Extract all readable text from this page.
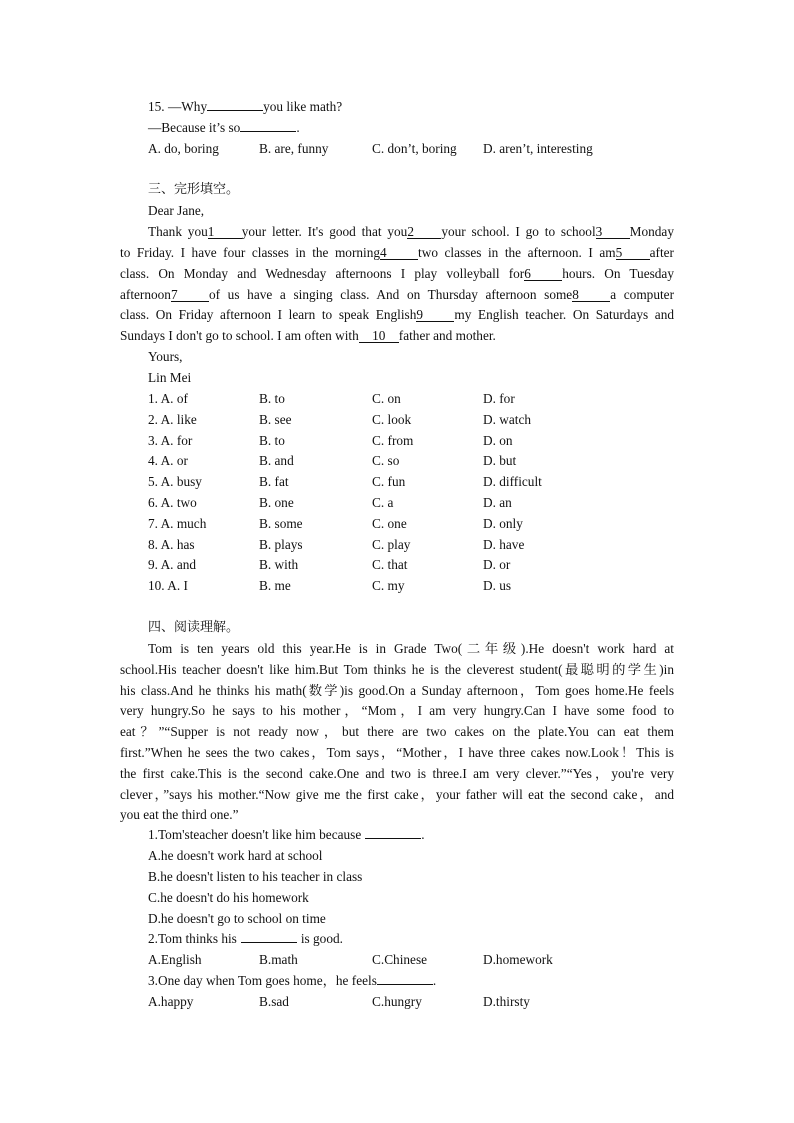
15. —Why	you like math?
—Because it’s so	.
A. do, boring	B. are, funny	C. don’t, boring D. aren’t, interesting
三、完形填空。
Dear Jane,
Thank you1 your letter. It's good that you2 your school. I go to school3 Monday
to Friday. I have four classes in the morning4 two classes in the afternoon. I am5 after
class. On Monday and Wednesday afternoons I play volleyball for6 hours. On Tuesday
afternoon7 of us have a singing class. And on Thursday afternoon some8 a computer
class. On Friday afternoon I learn to speak English9 my English teacher. On Saturdays and
Sundays I don't go to school. I am often with 10 father and mother.
Yours,
Lin Mei
1. A. of	B. to	C. on	D. for
2. A. like	B. see	C. look	D. watch
3. A. for	B. to	C. from	D. on
4. A. or	B. and	C. so	D. but
5. A. busy	B. fat	C. fun	D. difficult
6. A. two	B. one	C. a	D. an
7. A. much	B. some	C. one	D. only
8. A. has	B. plays	C. play	D. have
9. A. and	B. with	C. that	D. or
10. A. I	B. me	C. my	D. us
四、阅读理解。
Tom is ten years old this year.He is in Grade Two(二年级).He doesn't work hard at
school.His teacher doesn't like him.But Tom thinks he is the cleverest student(最聪明的学生)in
his class.And he thinks his math(数学)is good.On a Sunday afternoon，Tom goes home.He feels
very hungry.So he says to his mother，“Mom，I am very hungry.Can I have some food to
eat？”“Supper is not ready now，but there are two cakes on the plate.You can eat them
first.”When he sees the two cakes，Tom says，“Mother，I have three cakes now.Look！This is
the first cake.This is the second cake.One and two is three.I am very clever.”“Yes，you're very
clever，”says his mother.“Now give me the first cake，your father will eat the second cake，and
you eat the third one.”
1.Tom'steacher doesn't like him because	.
A.he doesn't work hard at school
B.he doesn't listen to his teacher in class
C.he doesn't do his homework
D.he doesn't go to school on time
2.Tom thinks his	is good.
A.English	B.math	C.Chinese	D.homework
3.One day when Tom goes home，he feels	.
A.happy	B.sad	C.hungry	D.thirsty
